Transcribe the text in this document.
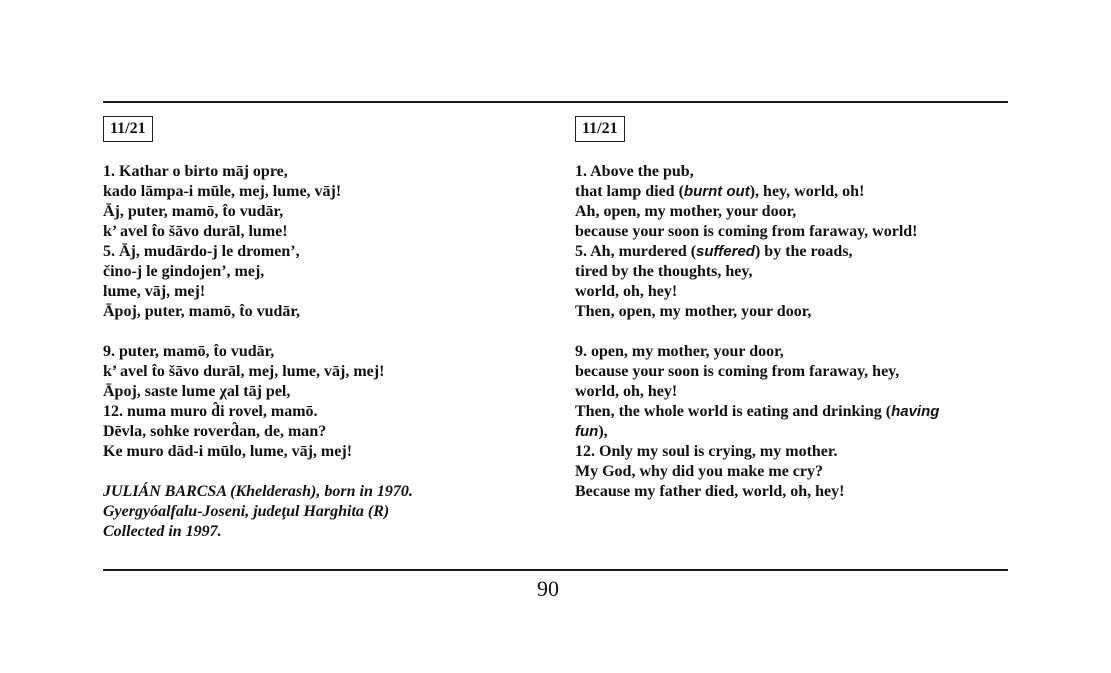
11/21
1. Kathar o birto māj opre,
kado lāmpa-i mūle, mej, lume, vāj!
Āj, puter, mamō, t̂o vudār,
k’ avel t̂o šāvo durāl, lume!
5. Āj, mudārdo-j le dromen’,
čino-j le gindojen’, mej,
lume, vāj, mej!
Āpoj, puter, mamō, t̂o vudār,
9. puter, mamō, t̂o vudār,
k’ avel t̂o šāvo durāl, mej, lume, vāj, mej!
Āpoj, saste lume χal tāj pel,
12. numa muro d̂i rovel, mamō.
Dēvla, sohke roverd̂an, de, man?
Ke muro dād-i mūlo, lume, vāj, mej!
JULIÁN BARCSA (Khelderash), born in 1970.
Gyergyóalfalu-Joseni, judeţul Harghita (R)
Collected in 1997.
11/21
1. Above the pub,
that lamp died (burnt out), hey, world, oh!
Ah, open, my mother, your door,
because your soon is coming from faraway, world!
5. Ah, murdered (suffered) by the roads,
tired by the thoughts, hey,
world, oh, hey!
Then, open, my mother, your door,
9. open, my mother, your door,
because your soon is coming from faraway, hey,
world, oh, hey!
Then, the whole world is eating and drinking (having
fun),
12. Only my soul is crying, my mother.
My God, why did you make me cry?
Because my father died, world, oh, hey!
90
